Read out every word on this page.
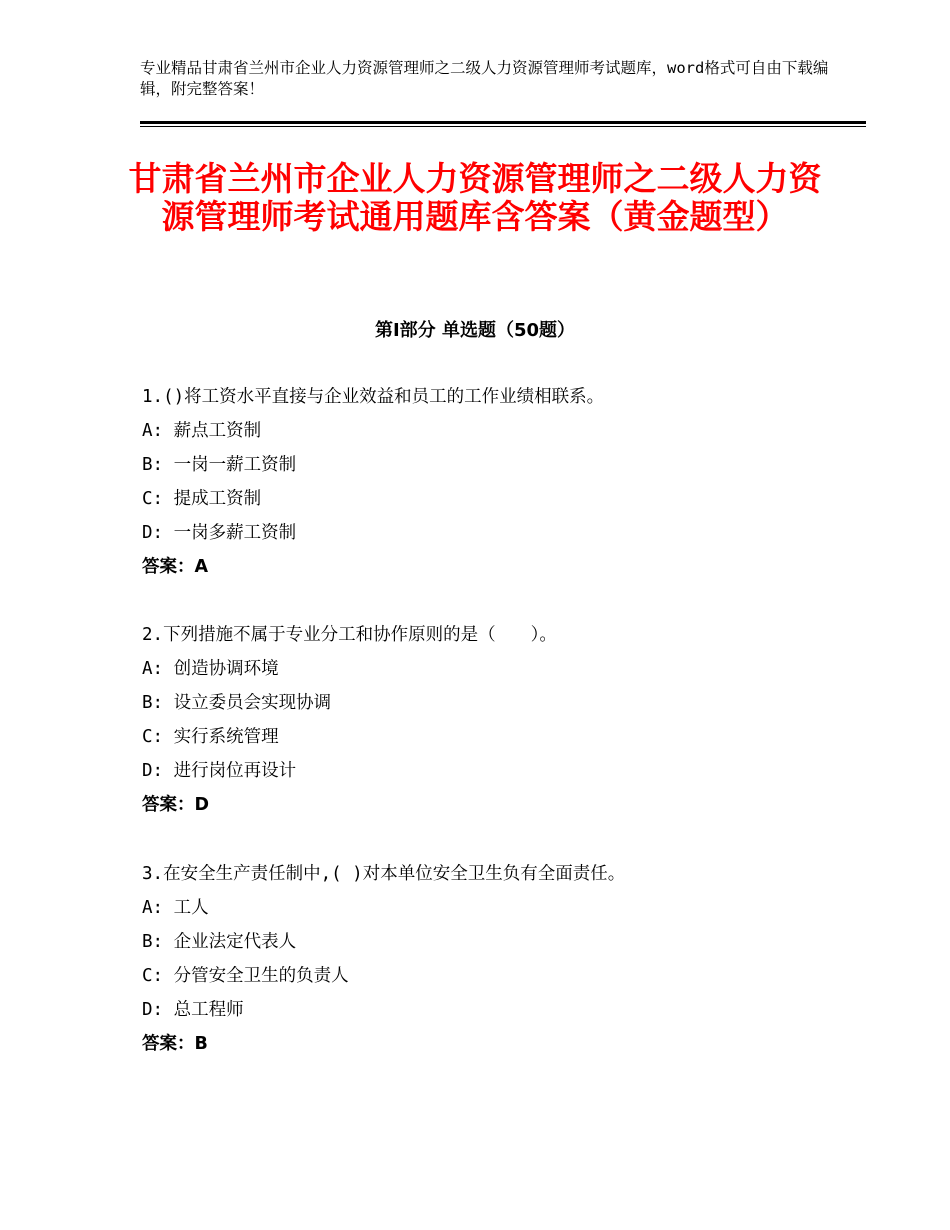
专业精品甘肃省兰州市企业人力资源管理师之二级人力资源管理师考试题库，word格式可自由下载编辑，附完整答案！
甘肃省兰州市企业人力资源管理师之二级人力资源管理师考试通用题库含答案（黄金题型）
第Ⅰ部分 单选题（50题）
1.()将工资水平直接与企业效益和员工的工作业绩相联系。
A: 薪点工资制
B: 一岗一薪工资制
C: 提成工资制
D: 一岗多薪工资制
答案：A
2.下列措施不属于专业分工和协作原则的是（　　）。
A: 创造协调环境
B: 设立委员会实现协调
C: 实行系统管理
D: 进行岗位再设计
答案：D
3.在安全生产责任制中,( )对本单位安全卫生负有全面责任。
A: 工人
B: 企业法定代表人
C: 分管安全卫生的负责人
D: 总工程师
答案：B
